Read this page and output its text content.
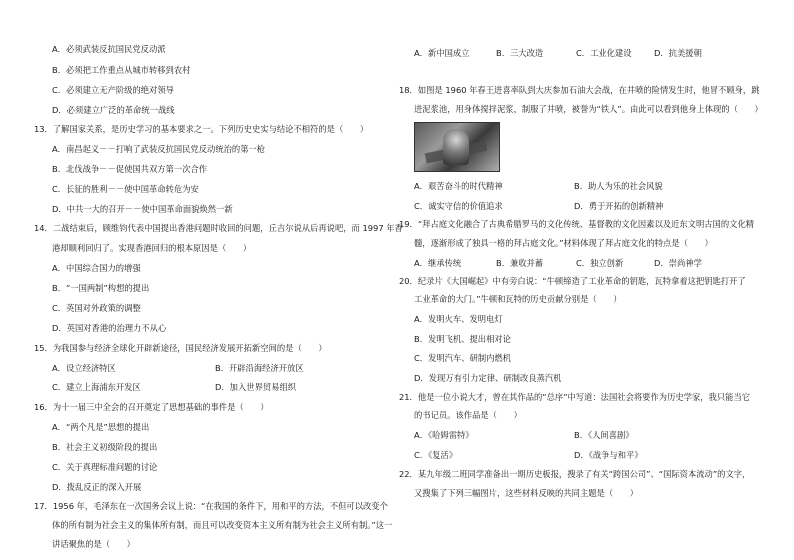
A．必须武装反抗国民党反动派
B．必须把工作重点从城市转移到农村
C．必须建立无产阶级的绝对领导
D．必须建立广泛的革命统一战线
13．了解国家关系，是历史学习的基本要求之一。下列历史史实与结论不相符的是（　　）
A．南昌起义－－打响了武装反抗国民党反动统治的第一枪
B．北伐战争－－促使国共双方第一次合作
C．长征的胜利－－使中国革命转危为安
D．中共一大的召开－－使中国革命面貌焕然一新
14．二战结束后，顾维钧代表中国提出香港问题时收回的问题，丘吉尔说从后再说吧，而 1997 年香
港却顺利回归了。实现香港回归的根本原因是（　　）
A．中国综合国力的增强
B．“一国两制”构想的提出
C．英国对外政策的调整
D．英国对香港的治理力不从心
15．为我国参与经济全球化开辟新途径，国民经济发展开拓新空间的是（　　）
A．设立经济特区	B．开辟沿海经济开放区
C．建立上海浦东开发区	D．加入世界贸易组织
16．为十一届三中全会的召开奠定了思想基础的事件是（　　）
A．“两个凡是”思想的提出
B．社会主义初级阶段的提出
C．关于真理标准问题的讨论
D．拨乱反正的深入开展
17．1956 年，毛泽东在一次国务会议上说：“在我国的条件下，用和平的方法，不但可以改变个
体的所有制为社会主义的集体所有制，而且可以改变资本主义所有制为社会主义所有制。”这一
讲话聚焦的是（　　）
A．新中国成立	B．三大改造	C．工业化建设	D．抗美援朝
18．如图是 1960 年春王进喜率队到大庆参加石油大会战，在井喷的险情发生时，他冒不顾身，跳
进泥浆池，用身体搅拌泥浆，制服了井喷，被誉为“铁人”。由此可以看到他身上体现的（　　）
A．艰苦奋斗的时代精神	B．助人为乐的社会风貌
C．诚实守信的价值追求	D．勇于开拓的创新精神
19．“拜占庭文化融合了古典希腊罗马的文化传统、基督教的文化因素以及近东文明古国的文化精
髓，逐渐形成了独具一格的拜占庭文化。”材料体现了拜占庭文化的特点是（　　）
A．继承传统	B．兼收并蓄	C．独立创新	D．崇尚神学
20．纪录片《大国崛起》中有旁白说：“牛顿缔造了工业革命的钥匙，瓦特拿着这把钥匙打开了
工业革命的大门。”牛顿和瓦特的历史贡献分别是（　　）
A．发明火车、发明电灯
B．发明飞机、提出相对论
C．发明汽车、研制内燃机
D．发现万有引力定律、研制改良蒸汽机
21．他是一位小说大才，曾在其作品的“总序”中写道：法国社会将要作为历史学家，我只能当它
的书记员。该作品是（　　）
A．《哈姆雷特》	B．《人间喜剧》
C．《复活》	D．《战争与和平》
22．某九年级二班同学准备出一期历史板报，搜录了有关“跨国公司”、“国际资本流动”的文字，
又搜集了下列三幅图片，这些材料反映的共同主题是（　　）
